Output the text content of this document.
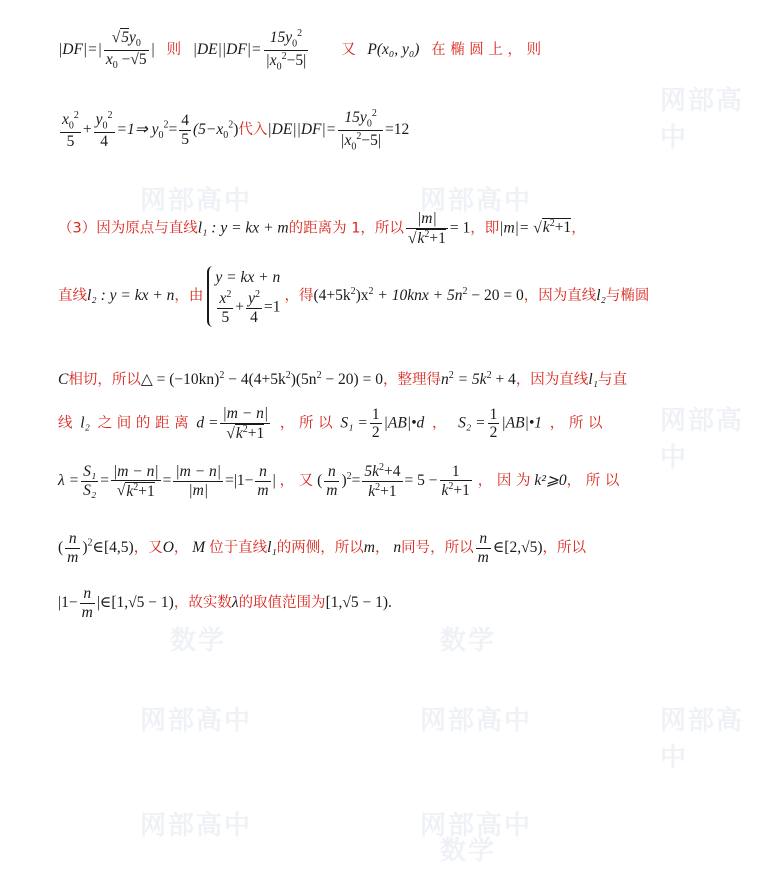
网部高中
网部高中	网部高中
网部高中
网部高中	网部高中	网部高中
网部高中	网部高中
数学	数学
数学
$|DF|=| \frac{√5y_0}{x_0 -√5}$ | 则 $|DE||DF|= \frac{15y_0^2}{|x_0^2-5|}$ 又 P(x₀, y₀) 在 椭 圆 上 ， 则
$\frac{x_0^2}{5} + \frac{y_0^2}{4}$ =1⇒ $y_0^2= \frac{4}{5} (5-x_0^2)$代入$|DE||DF|= \frac{15y_0^2}{|x_0^2-5|} =12$
（3）因为原点与直线l₁ : y = kx + m的距离为 1，所以 $\frac{|m|}{√k^2+1} = 1$，即$|m|= √k^2+1$，
直线l₂ : y = kx + n，由
y = kx + n
$\frac{x^2}{5} + \frac{y^2}{4} =1$
，得$(4+5k^2)x^2 + 10knx + 5n^2 - 20 = 0$，因为直线l₂与椭圆
C相切，所以△ = $(-10kn)^2 - 4(4+5k^2)(5n^2 - 20) = 0$，整理得$n^2 = 5k^2 + 4$，因为直线l₁与直
线 l₂ 之 间 的 距 离 $d = \frac{|m - n|}{√k^2+1}$ ， 所 以 $S_1 = \frac{1}{2}$ |AB|•d ， $S_2 = \frac{1}{2}$ |AB|•1 ， 所 以
$\lambda = \frac{\text{S₁}}{\text{S₂}} = \frac{|m - n|}{√k^2+1} = \frac{|m - n|}{|m|} =|1- \frac{n}{m}$ | ， 又 ( $\frac{n}{m} )^2= \frac{5k^2+4}{k^2+1} = 5 - \frac{1}{k^2+1}$ ， 因 为 k²⩾0， 所 以
( $\frac{n}{m}$ )$^2$∈[4,5)，又O， M 位于直线l₁的两侧，所以m， n同号，所以 $\frac{n}{m}$ ∈[2,√5)，所以
$|1- \frac{n}{m}$ |∈[1,√5 − 1)，故实数λ的取值范围为[1,√5 − 1).
